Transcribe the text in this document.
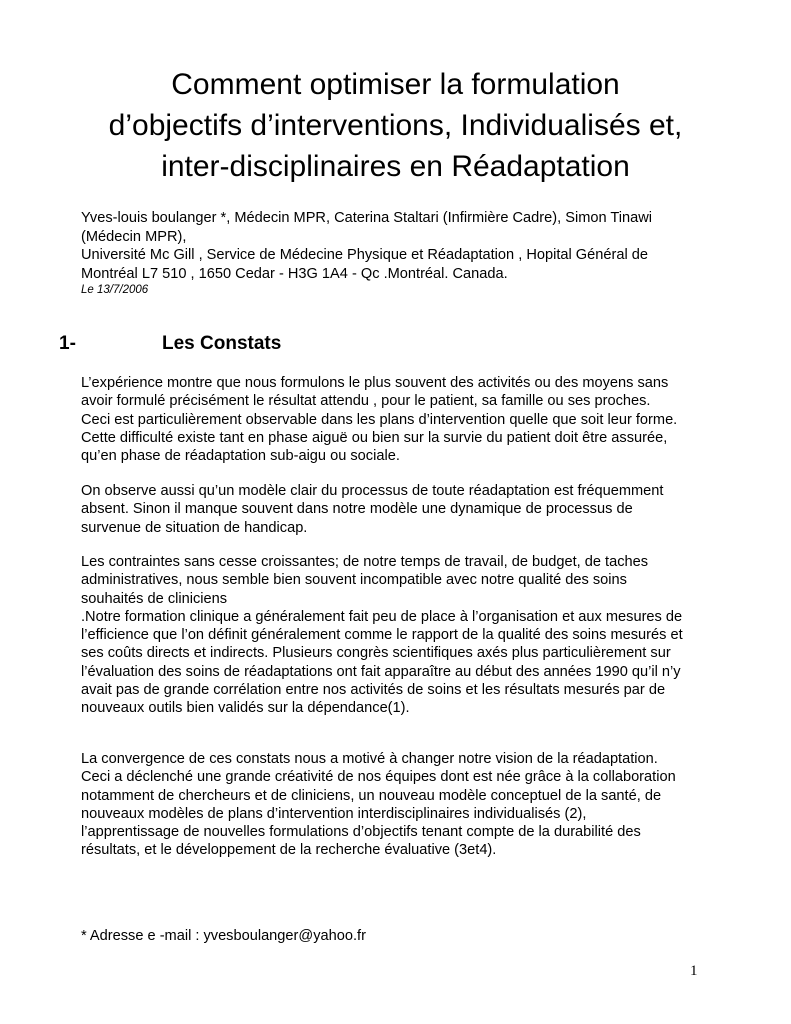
Comment optimiser la formulation
d’objectifs d’interventions, Individualisés et,
inter-disciplinaires en Réadaptation
Yves-louis boulanger *, Médecin MPR, Caterina Staltari (Infirmière Cadre), Simon Tinawi
(Médecin MPR),
Université Mc Gill , Service de Médecine Physique et Réadaptation , Hopital Général de
Montréal L7 510 , 1650 Cedar - H3G 1A4 - Qc .Montréal. Canada.
Le 13/7/2006
1-	Les Constats
L’expérience montre que nous formulons le plus souvent des activités ou des moyens sans
avoir formulé précisément le résultat attendu , pour le patient, sa famille ou ses proches.
Ceci est particulièrement observable dans les plans d’intervention quelle que soit leur forme.
Cette difficulté existe tant en phase aiguë ou bien sur la survie du patient doit être assurée,
qu’en phase de réadaptation sub-aigu ou sociale.
On observe aussi qu’un modèle clair du processus de toute réadaptation est fréquemment
absent. Sinon il manque souvent dans notre modèle une dynamique de processus de
survenue de situation de handicap.
Les contraintes sans cesse croissantes; de notre temps de travail, de budget, de taches
administratives, nous semble bien souvent incompatible avec notre qualité des soins
souhaités de cliniciens
.Notre formation clinique a généralement fait peu de place à l’organisation et aux mesures de
l’efficience que l’on définit généralement comme le rapport de la qualité des soins mesurés et
ses coûts directs et indirects. Plusieurs congrès scientifiques axés plus particulièrement sur
l’évaluation des soins de réadaptations ont fait apparaître au début des années 1990 qu’il n’y
avait pas de grande corrélation entre nos activités de soins et les résultats mesurés par de
nouveaux outils bien validés sur la dépendance(1).
La convergence de ces constats nous a motivé à changer notre vision de la réadaptation.
Ceci a déclenché une grande créativité de nos équipes dont est née grâce à la collaboration
notamment de chercheurs et de cliniciens, un nouveau modèle conceptuel de la santé, de
nouveaux modèles de plans d’intervention interdisciplinaires individualisés (2),
l’apprentissage de nouvelles formulations d’objectifs tenant compte de la durabilité des
résultats, et le développement de la recherche évaluative (3et4).
* Adresse e -mail : yvesboulanger@yahoo.fr
1
